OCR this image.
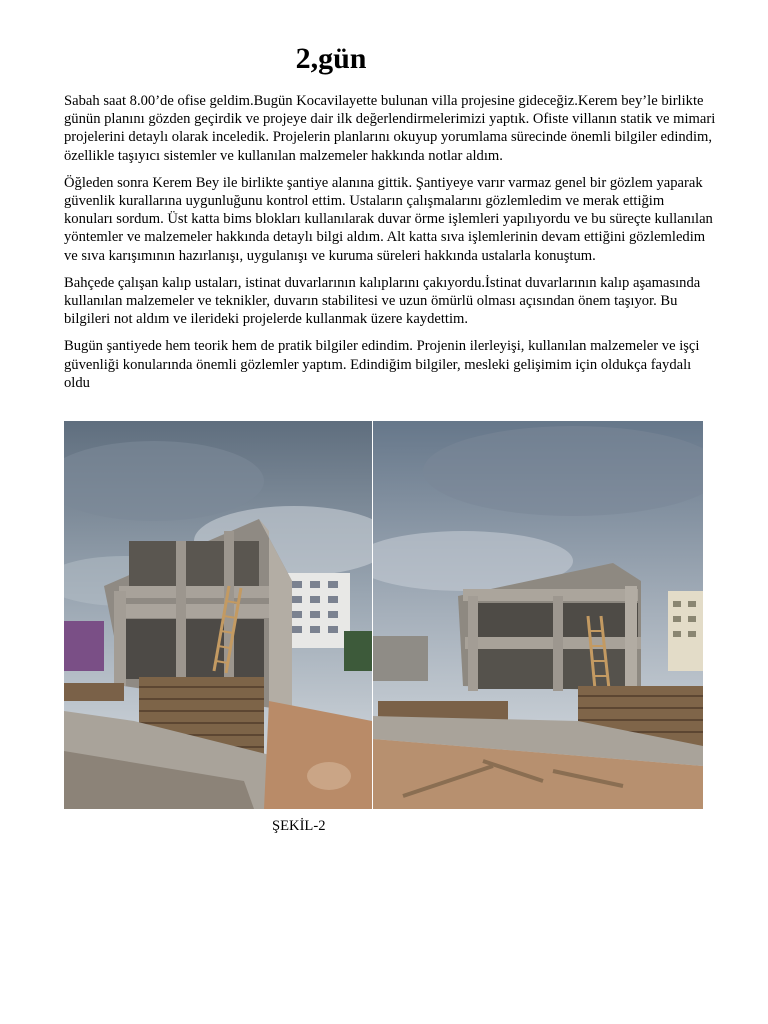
2,gün

Sabah saat 8.00’de ofise geldim.Bugün Kocavilayette bulunan villa projesine gideceğiz.Kerem bey’le birlikte günün planını gözden geçirdik ve projeye dair ilk değerlendirmelerimizi yaptık. Ofiste villanın statik ve mimari projelerini detaylı olarak inceledik. Projelerin planlarını okuyup yorumlama sürecinde önemli bilgiler edindim, özellikle taşıyıcı sistemler ve kullanılan malzemeler hakkında notlar aldım.

Öğleden sonra Kerem Bey ile birlikte şantiye alanına gittik. Şantiyeye varır varmaz genel bir gözlem yaparak güvenlik kurallarına uygunluğunu kontrol ettim. Ustaların çalışmalarını gözlemledim ve merak ettiğim konuları sordum. Üst katta bims blokları kullanılarak duvar örme işlemleri yapılıyordu ve bu süreçte kullanılan yöntemler ve malzemeler hakkında detaylı bilgi aldım. Alt katta sıva işlemlerinin devam ettiğini gözlemledim ve sıva karışımının hazırlanışı, uygulanışı ve kuruma süreleri hakkında ustalarla konuştum.

Bahçede çalışan kalıp ustaları, istinat duvarlarının kalıplarını çakıyordu.İstinat duvarlarının kalıp aşamasında kullanılan malzemeler ve teknikler, duvarın stabilitesi ve uzun ömürlü olması açısından önem taşıyor. Bu bilgileri not aldım ve ilerideki projelerde kullanmak üzere kaydettim.

Bugün şantiyede hem teorik hem de pratik bilgiler edindim. Projenin ilerleyişi, kullanılan malzemeler ve işçi güvenliği konularında önemli gözlemler yaptım. Edindiğim bilgiler, mesleki gelişimim için oldukça faydalı oldu

ŞEKİL-2
